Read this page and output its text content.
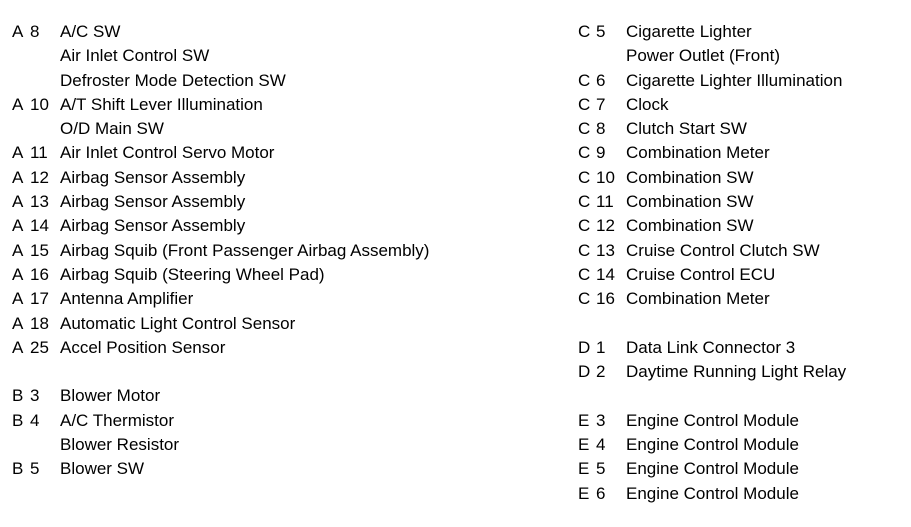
A 8	A/C SW
Air Inlet Control SW
Defroster Mode Detection SW
A 10 A/T Shift Lever Illumination
O/D Main SW
A 11 Air Inlet Control Servo Motor
A 12 Airbag Sensor Assembly
A 13 Airbag Sensor Assembly
A 14 Airbag Sensor Assembly
A 15 Airbag Squib (Front Passenger Airbag Assembly)
A 16 Airbag Squib (Steering Wheel Pad)
A 17 Antenna Amplifier
A 18 Automatic Light Control Sensor
A 25 Accel Position Sensor
B 3	Blower Motor
B 4	A/C Thermistor
Blower Resistor
B 5	Blower SW
C 5	Cigarette Lighter
Power Outlet (Front)
C 6	Cigarette Lighter Illumination
C 7	Clock
C 8	Clutch Start SW
C 9	Combination Meter
C 10 Combination SW
C 11 Combination SW
C 12 Combination SW
C 13 Cruise Control Clutch SW
C 14 Cruise Control ECU
C 16 Combination Meter
D 1	Data Link Connector 3
D 2	Daytime Running Light Relay
E 3	Engine Control Module
E 4	Engine Control Module
E 5	Engine Control Module
E 6	Engine Control Module
